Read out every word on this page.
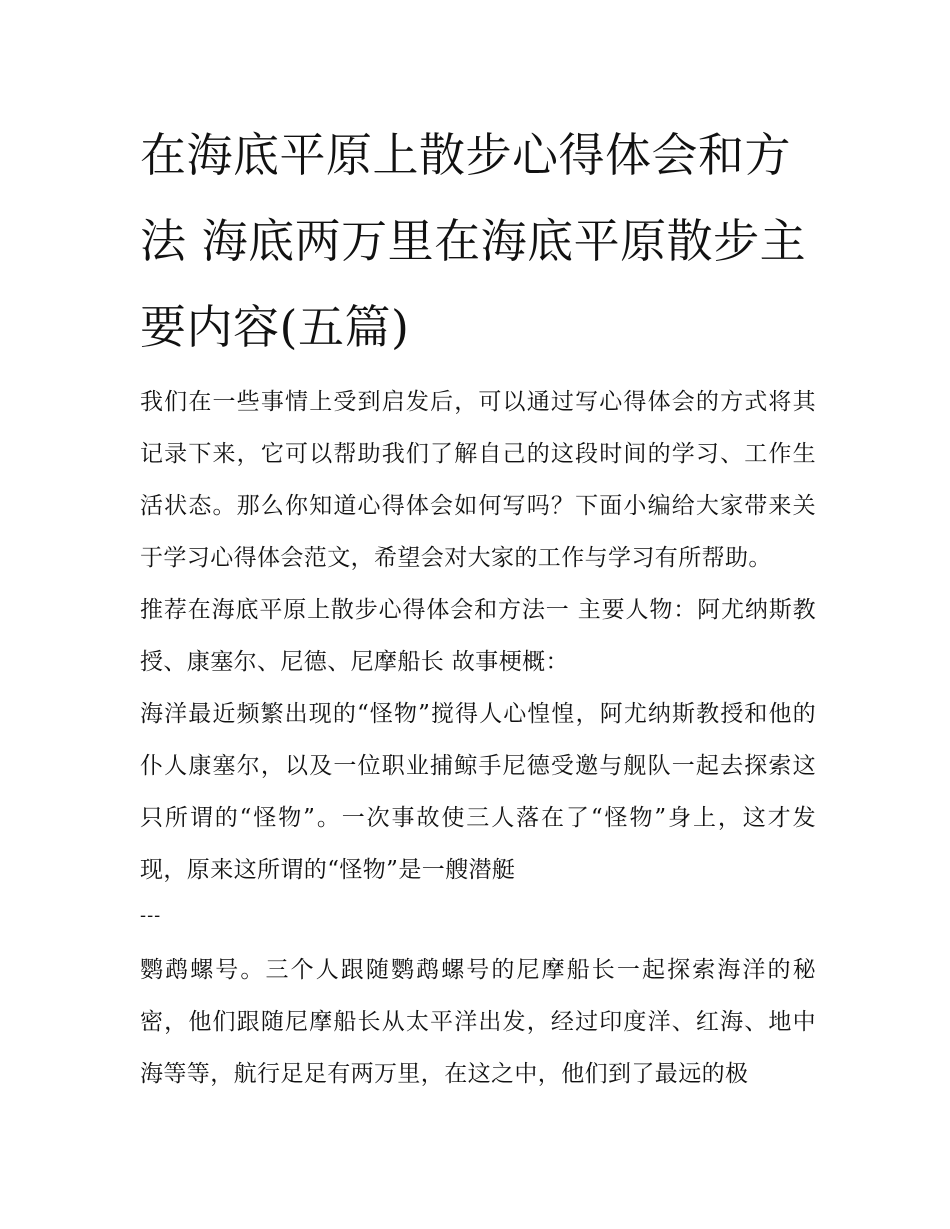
在海底平原上散步心得体会和方法 海底两万里在海底平原散步主要内容(五篇)

我们在一些事情上受到启发后，可以通过写心得体会的方式将其记录下来，它可以帮助我们了解自己的这段时间的学习、工作生活状态。那么你知道心得体会如何写吗？下面小编给大家带来关于学习心得体会范文，希望会对大家的工作与学习有所帮助。

推荐在海底平原上散步心得体会和方法一 主要人物：阿尤纳斯教授、康塞尔、尼德、尼摩船长 故事梗概：

海洋最近频繁出现的“怪物”搅得人心惶惶，阿尤纳斯教授和他的仆人康塞尔，以及一位职业捕鲸手尼德受邀与舰队一起去探索这只所谓的“怪物”。一次事故使三人落在了“怪物”身上，这才发现，原来这所谓的“怪物”是一艘潜艇

---

鹦鹉螺号。三个人跟随鹦鹉螺号的尼摩船长一起探索海洋的秘密，他们跟随尼摩船长从太平洋出发，经过印度洋、红海、地中海等等，航行足足有两万里，在这之中，他们到了最远的极
